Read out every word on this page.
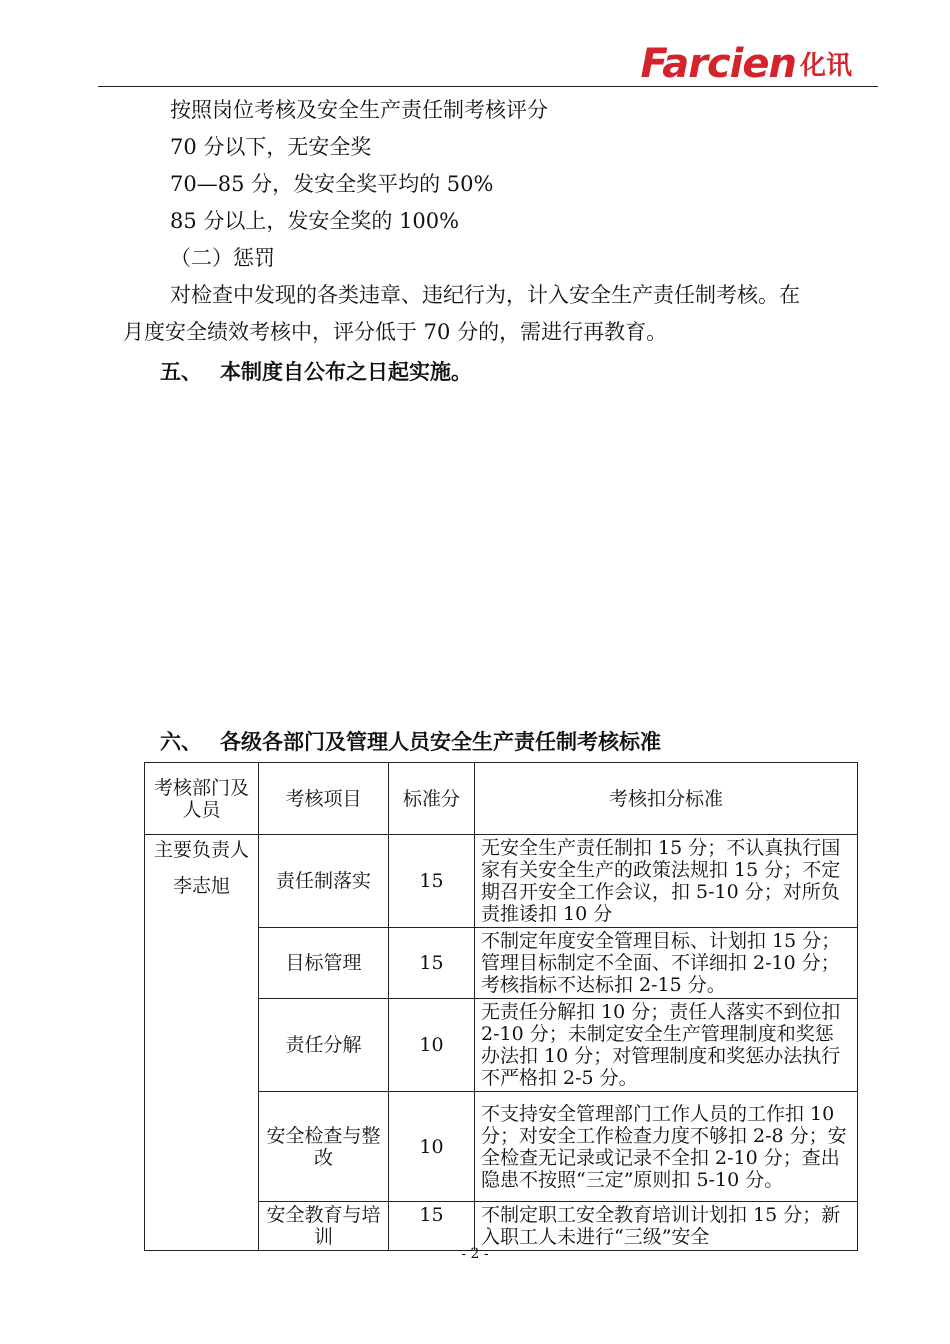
Farcien 化讯
按照岗位考核及安全生产责任制考核评分
70 分以下，无安全奖
70—85 分，发安全奖平均的 50%
85 分以上，发安全奖的 100%
（二）惩罚
对检查中发现的各类违章、违纪行为，计入安全生产责任制考核。在
月度安全绩效考核中，评分低于 70 分的，需进行再教育。
五、 本制度自公布之日起实施。
六、 各级各部门及管理人员安全生产责任制考核标准
考核部门及人员	考核项目	标准分	考核扣分标准

主要负责人
李志旭	责任制落实	15	无安全生产责任制扣 15 分；不认真执行国家有关安全生产的政策法规扣 15 分；不定期召开安全工作会议，扣 5-10 分；对所负责推诿扣 10 分
	目标管理	15	不制定年度安全管理目标、计划扣 15 分；管理目标制定不全面、不详细扣 2-10 分；考核指标不达标扣 2-15 分。
	责任分解	10	无责任分解扣 10 分；责任人落实不到位扣 2-10 分；未制定安全生产管理制度和奖惩办法扣 10 分；对管理制度和奖惩办法执行不严格扣 2-5 分。
	安全检查与整改	10	不支持安全管理部门工作人员的工作扣 10 分；对安全工作检查力度不够扣 2-8 分；安全检查无记录或记录不全扣 2-10 分；查出隐患不按照“三定”原则扣 5-10 分。
	安全教育与培训	15	不制定职工安全教育培训计划扣 15 分；新入职工人未进行“三级”安全
- 2 -
